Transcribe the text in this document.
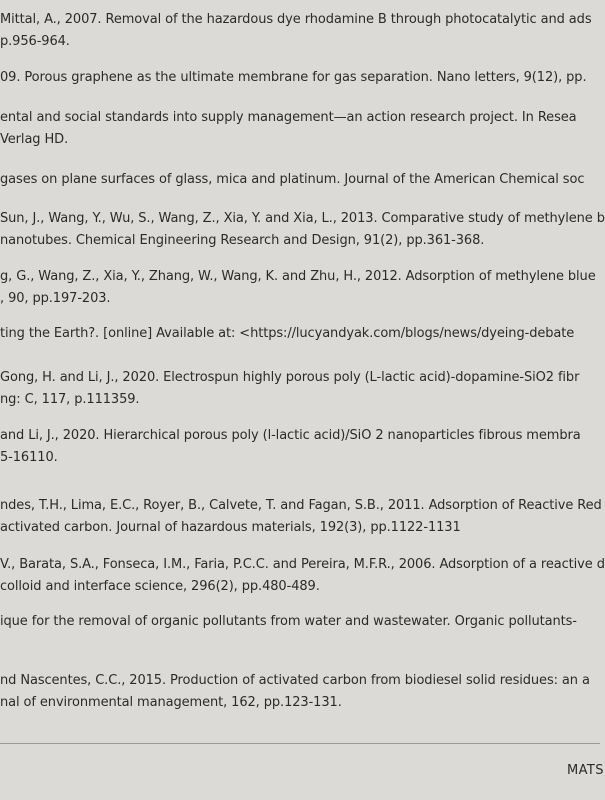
Mittal, A., 2007. Removal of the hazardous dye rhodamine B through photocatalytic and ads
p.956-964.
09. Porous graphene as the ultimate membrane for gas separation. Nano letters, 9(12), pp.
ental and social standards into supply management—an action research project. In Resea
Verlag HD.
gases on plane surfaces of glass, mica and platinum. Journal of the American Chemical soc
Sun, J., Wang, Y., Wu, S., Wang, Z., Xia, Y. and Xia, L., 2013. Comparative study of methylene b
nanotubes. Chemical Engineering Research and Design, 91(2), pp.361-368.
g, G., Wang, Z., Xia, Y., Zhang, W., Wang, K. and Zhu, H., 2012. Adsorption of methylene blue
, 90, pp.197-203.
ting the Earth?. [online] Available at: <https://lucyandyak.com/blogs/news/dyeing-debate
Gong, H. and Li, J., 2020. Electrospun highly porous poly (L-lactic acid)-dopamine-SiO2 fibr
ng: C, 117, p.111359.
and Li, J., 2020. Hierarchical porous poly (l-lactic acid)/SiO 2 nanoparticles fibrous membra
5-16110.
ndes, T.H., Lima, E.C., Royer, B., Calvete, T. and Fagan, S.B., 2011. Adsorption of Reactive Red
activated carbon. Journal of hazardous materials, 192(3), pp.1122-1131
V., Barata, S.A., Fonseca, I.M., Faria, P.C.C. and Pereira, M.F.R., 2006. Adsorption of a reactive d
colloid and interface science, 296(2), pp.480-489.
ique for the removal of organic pollutants from water and wastewater. Organic pollutants-
nd Nascentes, C.C., 2015. Production of activated carbon from biodiesel solid residues: an a
nal of environmental management, 162, pp.123-131.
MATS
